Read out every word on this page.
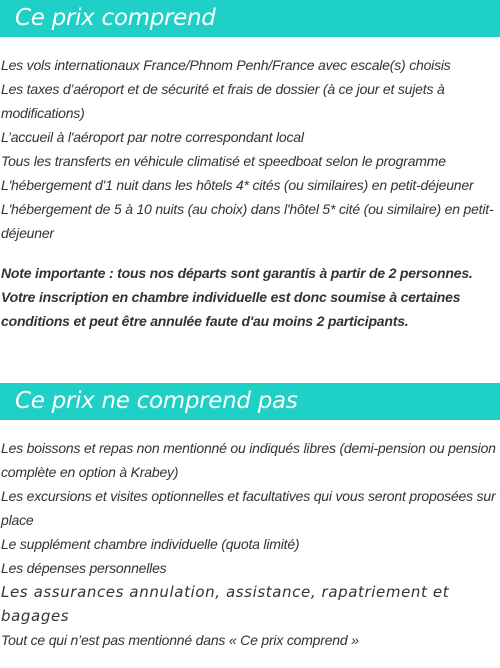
Ce prix comprend
Les vols internationaux France/Phnom Penh/France avec escale(s) choisis
Les taxes d’aéroport et de sécurité et frais de dossier (à ce jour et sujets à modifications)
L’accueil à l'aéroport par notre correspondant local
Tous les transferts en véhicule climatisé et speedboat selon le programme
L'hébergement d'1 nuit dans les hôtels 4* cités (ou similaires) en petit-déjeuner
L'hébergement de 5 à 10 nuits (au choix) dans l'hôtel 5* cité (ou similaire) en petit-déjeuner
Note importante : tous nos départs sont garantis à partir de 2 personnes. Votre inscription en chambre individuelle est donc soumise à certaines conditions et peut être annulée faute d'au moins 2 participants.
Ce prix ne comprend pas
Les boissons et repas non mentionné ou indiqués libres (demi-pension ou pension complète en option à Krabey)
Les excursions et visites optionnelles et facultatives qui vous seront proposées sur place
Le supplément chambre individuelle (quota limité)
Les dépenses personnelles
Les assurances annulation, assistance, rapatriement et bagages
Tout ce qui n’est pas mentionné dans « Ce prix comprend »
